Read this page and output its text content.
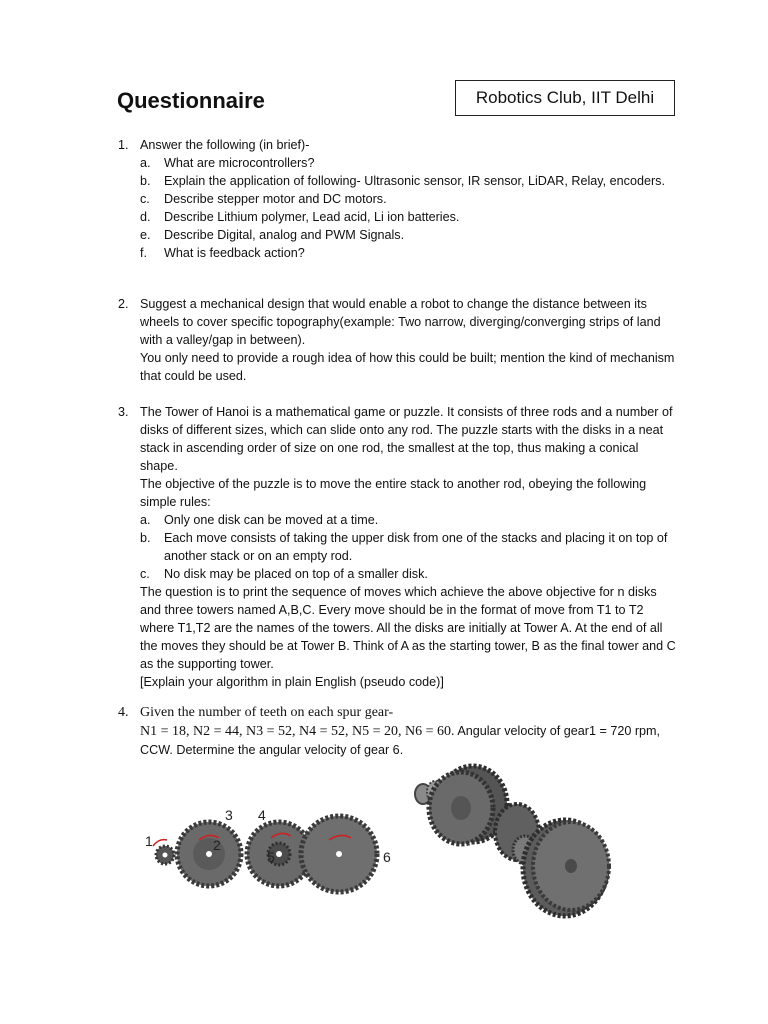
Questionnaire	Robotics Club, IIT Delhi
1. Answer the following (in brief)-
a.	What are microcontrollers?
b.	Explain the application of following- Ultrasonic sensor, IR sensor, LiDAR, Relay, encoders.
c.	Describe stepper motor and DC motors.
d.	Describe Lithium polymer, Lead acid, Li ion batteries.
e.	Describe Digital, analog and PWM Signals.
f.	What is feedback action?
2. Suggest a mechanical design that would enable a robot to change the distance between its wheels to cover specific topography(example: Two narrow, diverging/converging strips of land with a valley/gap in between).
You only need to provide a rough idea of how this could be built; mention the kind of mechanism that could be used.
3. The Tower of Hanoi is a mathematical game or puzzle. It consists of three rods and a number of disks of different sizes, which can slide onto any rod. The puzzle starts with the disks in a neat stack in ascending order of size on one rod, the smallest at the top, thus making a conical shape.
The objective of the puzzle is to move the entire stack to another rod, obeying the following simple rules:
a.	Only one disk can be moved at a time.
b.	Each move consists of taking the upper disk from one of the stacks and placing it on top of another stack or on an empty rod.
c.	No disk may be placed on top of a smaller disk.
The question is to print the sequence of moves which achieve the above objective for n disks and three towers named A,B,C. Every move should be in the format of move from T1 to T2 where T1,T2 are the names of the towers. All the disks are initially at Tower A. At the end of all the moves they should be at Tower B. Think of A as the starting tower, B as the final tower and C as the supporting tower.
[Explain your algorithm in plain English (pseudo code)]
4. Given the number of teeth on each spur gear-
N1 = 18, N2 = 44, N3 = 52, N4 = 52, N5 = 20, N6 = 60. Angular velocity of gear1 = 720 rpm, CCW. Determine the angular velocity of gear 6.
1	2
3 4
5	6
